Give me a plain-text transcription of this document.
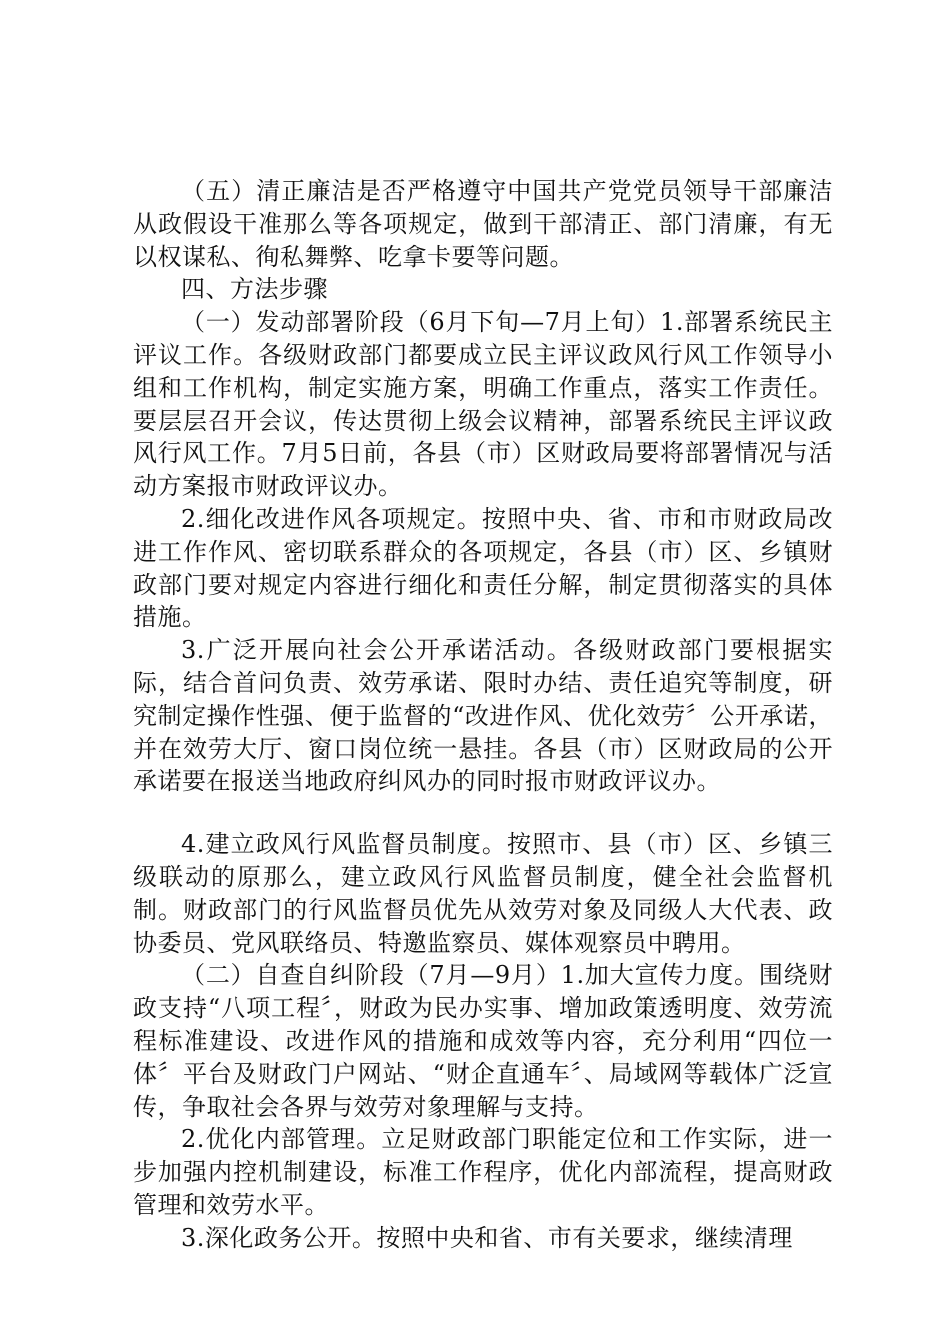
（五）清正廉洁是否严格遵守中国共产党党员领导干部廉洁从政假设干准那么等各项规定，做到干部清正、部门清廉，有无以权谋私、徇私舞弊、吃拿卡要等问题。

四、方法步骤

（一）发动部署阶段（6月下旬—7月上旬）1.部署系统民主评议工作。各级财政部门都要成立民主评议政风行风工作领导小组和工作机构，制定实施方案，明确工作重点，落实工作责任。要层层召开会议，传达贯彻上级会议精神，部署系统民主评议政风行风工作。7月5日前，各县（市）区财政局要将部署情况与活动方案报市财政评议办。

2.细化改进作风各项规定。按照中央、省、市和市财政局改进工作作风、密切联系群众的各项规定，各县（市）区、乡镇财政部门要对规定内容进行细化和责任分解，制定贯彻落实的具体措施。

3.广泛开展向社会公开承诺活动。各级财政部门要根据实际，结合首问负责、效劳承诺、限时办结、责任追究等制度，研究制定操作性强、便于监督的“改进作风、优化效劳〞公开承诺，并在效劳大厅、窗口岗位统一悬挂。各县（市）区财政局的公开承诺要在报送当地政府纠风办的同时报市财政评议办。

4.建立政风行风监督员制度。按照市、县（市）区、乡镇三级联动的原那么，建立政风行风监督员制度，健全社会监督机制。财政部门的行风监督员优先从效劳对象及同级人大代表、政协委员、党风联络员、特邀监察员、媒体观察员中聘用。

（二）自查自纠阶段（7月—9月）1.加大宣传力度。围绕财政支持“八项工程〞，财政为民办实事、增加政策透明度、效劳流程标准建设、改进作风的措施和成效等内容，充分利用“四位一体〞平台及财政门户网站、“财企直通车〞、局域网等载体广泛宣传，争取社会各界与效劳对象理解与支持。

2.优化内部管理。立足财政部门职能定位和工作实际，进一步加强内控机制建设，标准工作程序，优化内部流程，提高财政管理和效劳水平。

3.深化政务公开。按照中央和省、市有关要求，继续清理
